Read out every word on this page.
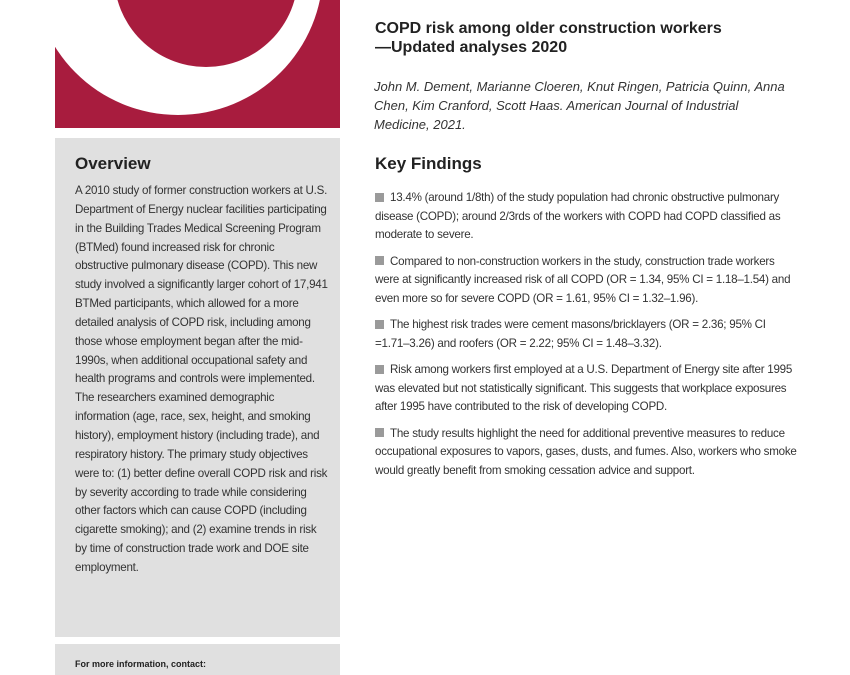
Overview

A 2010 study of former construction workers at U.S. Department of Energy nuclear facilities participating in the Building Trades Medical Screening Program (BTMed) found increased risk for chronic obstructive pulmonary disease (COPD). This new study involved a significantly larger cohort of 17,941 BTMed participants, which allowed for a more detailed analysis of COPD risk, including among those whose employment began after the mid-1990s, when additional occupational safety and health programs and controls were implemented. The researchers examined demographic information (age, race, sex, height, and smoking history), employment history (including trade), and respiratory history. The primary study objectives were to: (1) better define overall COPD risk and risk by severity according to trade while considering other factors which can cause COPD (including cigarette smoking); and (2) examine trends in risk by time of construction trade work and DOE site employment.

For more information, contact:
COPD risk among older construction workers—Updated analyses 2020

John M. Dement, Marianne Cloeren, Knut Ringen, Patricia Quinn, Anna Chen, Kim Cranford, Scott Haas. American Journal of Industrial Medicine, 2021.

Key Findings
13.4% (around 1/8th) of the study population had chronic obstructive pulmonary disease (COPD); around 2/3rds of the workers with COPD had COPD classified as moderate to severe.
Compared to non-construction workers in the study, construction trade workers were at significantly increased risk of all COPD (OR = 1.34, 95% CI = 1.18–1.54) and even more so for severe COPD (OR = 1.61, 95% CI = 1.32–1.96).
The highest risk trades were cement masons/bricklayers (OR = 2.36; 95% CI =1.71–3.26) and roofers (OR = 2.22; 95% CI = 1.48–3.32).
Risk among workers first employed at a U.S. Department of Energy site after 1995 was elevated but not statistically significant. This suggests that workplace exposures after 1995 have contributed to the risk of developing COPD.
The study results highlight the need for additional preventive measures to reduce occupational exposures to vapors, gases, dusts, and fumes. Also, workers who smoke would greatly benefit from smoking cessation advice and support.
